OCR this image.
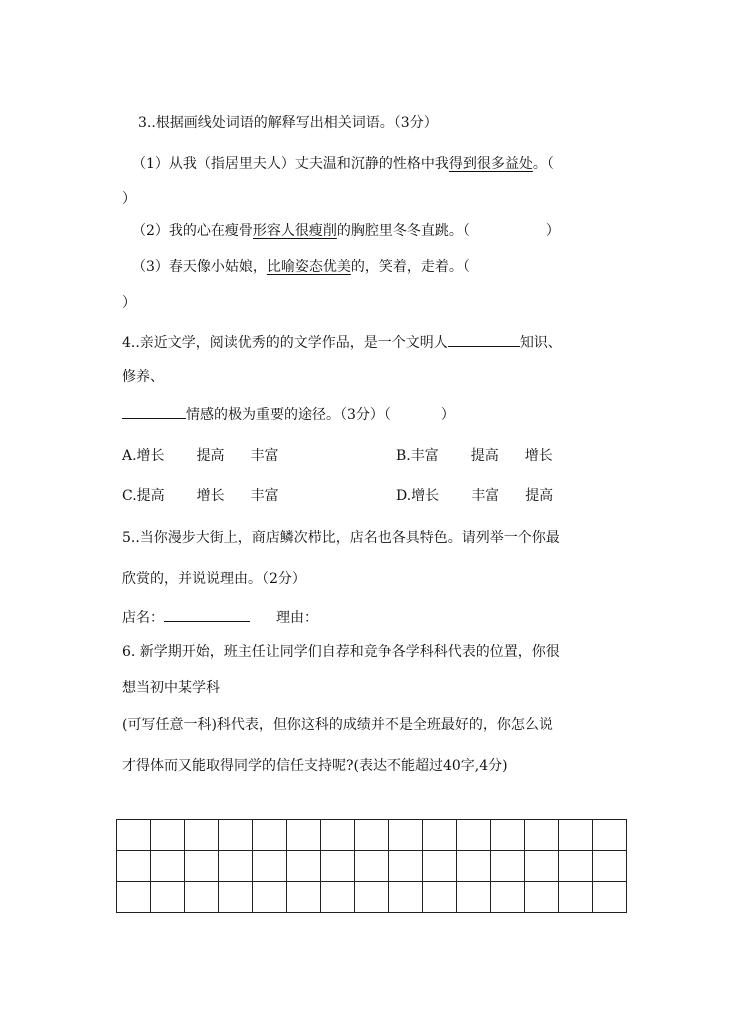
3..根据画线处词语的解释写出相关词语。（3分）
（1）从我（指居里夫人）丈夫温和沉静的性格中我得到很多益处。（
）
（2）我的心在瘦骨形容人很瘦削的胸腔里冬冬直跳。（	）
（3）春天像小姑娘，比喻姿态优美的，笑着，走着。（
）
4..亲近文学，阅读优秀的的文学作品，是一个文明人	知识、
修养、
情感的极为重要的途径。（3分）（	）
A.增长 提高 丰富	B.丰富 提高 增长
C.提高 增长 丰富	D.增长 丰富 提高
5..当你漫步大街上，商店鳞次栉比，店名也各具特色。请列举一个你最
欣赏的，并说说理由。（2分）
店名：	理由：
6. 新学期开始，班主任让同学们自荐和竞争各学科科代表的位置，你很
想当初中某学科
(可写任意一科)科代表，但你这科的成绩并不是全班最好的，你怎么说
才得体而又能取得同学的信任支持呢?(表达不能超过40字,4分)
